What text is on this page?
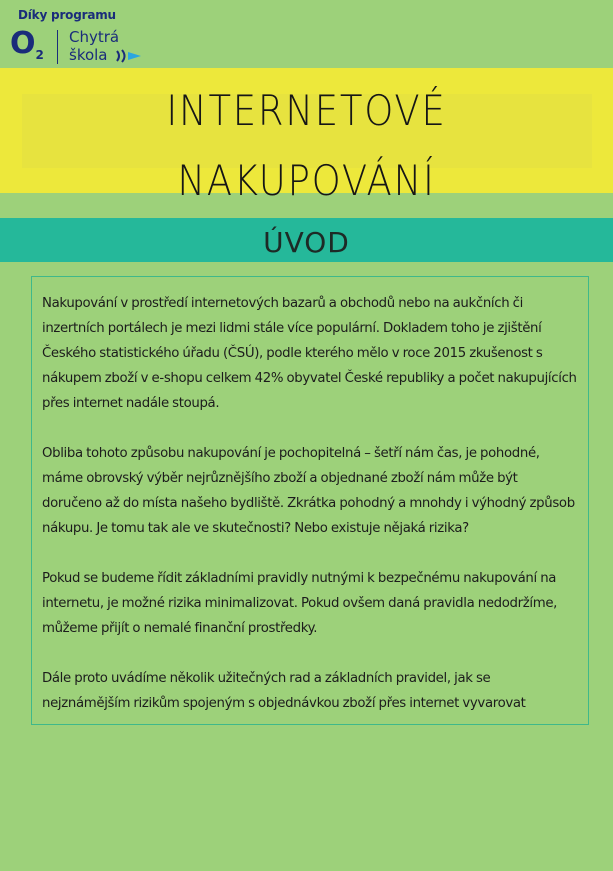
Díky programu
$O_2$
Chytrá
škola
INTERNETOVÉ
NAKUPOVÁNÍ
ÚVOD

Nakupování v prostředí internetových bazarů a obchodů nebo na aukčních či inzertních portálech je mezi lidmi stále více populární. Dokladem toho je zjištění Českého statistického úřadu (ČSÚ), podle kterého mělo v roce 2015 zkušenost s nákupem zboží v e-shopu celkem 42% obyvatel České republiky a počet nakupujících přes internet nadále stoupá.

Obliba tohoto způsobu nakupování je pochopitelná – šetří nám čas, je pohodné, máme obrovský výběr nejrůznějšího zboží a objednané zboží nám může být doručeno až do místa našeho bydliště. Zkrátka pohodný a mnohdy i výhodný způsob nákupu. Je tomu tak ale ve skutečnosti? Nebo existuje nějaká rizika?

Pokud se budeme řídit základními pravidly nutnými k bezpečnému nakupování na internetu, je možné rizika minimalizovat. Pokud ovšem daná pravidla nedodržíme, můžeme přijít o nemalé finanční prostředky.

Dále proto uvádíme několik užitečných rad a základních pravidel, jak se nejznámějším rizikům spojeným s objednávkou zboží přes internet vyvarovat
